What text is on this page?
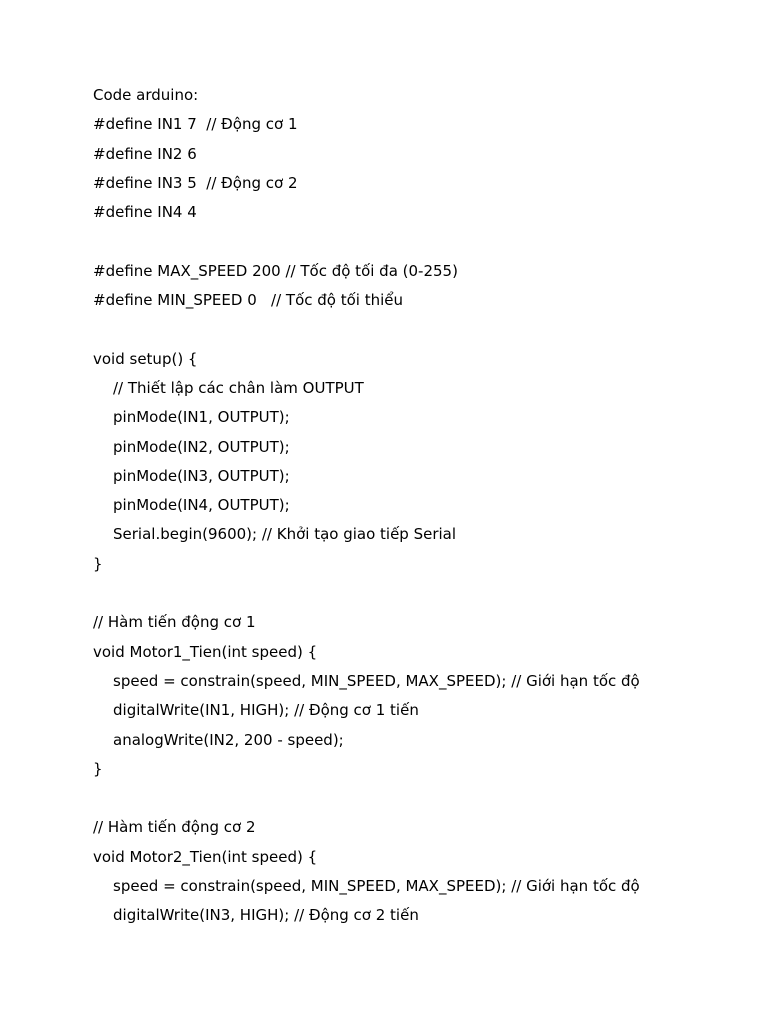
Code arduino:
#define IN1 7  // Động cơ 1
#define IN2 6
#define IN3 5  // Động cơ 2
#define IN4 4
#define MAX_SPEED 200 // Tốc độ tối đa (0-255)
#define MIN_SPEED 0   // Tốc độ tối thiểu
void setup() {
// Thiết lập các chân làm OUTPUT
pinMode(IN1, OUTPUT);
pinMode(IN2, OUTPUT);
pinMode(IN3, OUTPUT);
pinMode(IN4, OUTPUT);
Serial.begin(9600); // Khởi tạo giao tiếp Serial
}
// Hàm tiến động cơ 1
void Motor1_Tien(int speed) {
speed = constrain(speed, MIN_SPEED, MAX_SPEED); // Giới hạn tốc độ
digitalWrite(IN1, HIGH); // Động cơ 1 tiến
analogWrite(IN2, 200 - speed);
}
// Hàm tiến động cơ 2
void Motor2_Tien(int speed) {
speed = constrain(speed, MIN_SPEED, MAX_SPEED); // Giới hạn tốc độ
digitalWrite(IN3, HIGH); // Động cơ 2 tiến
